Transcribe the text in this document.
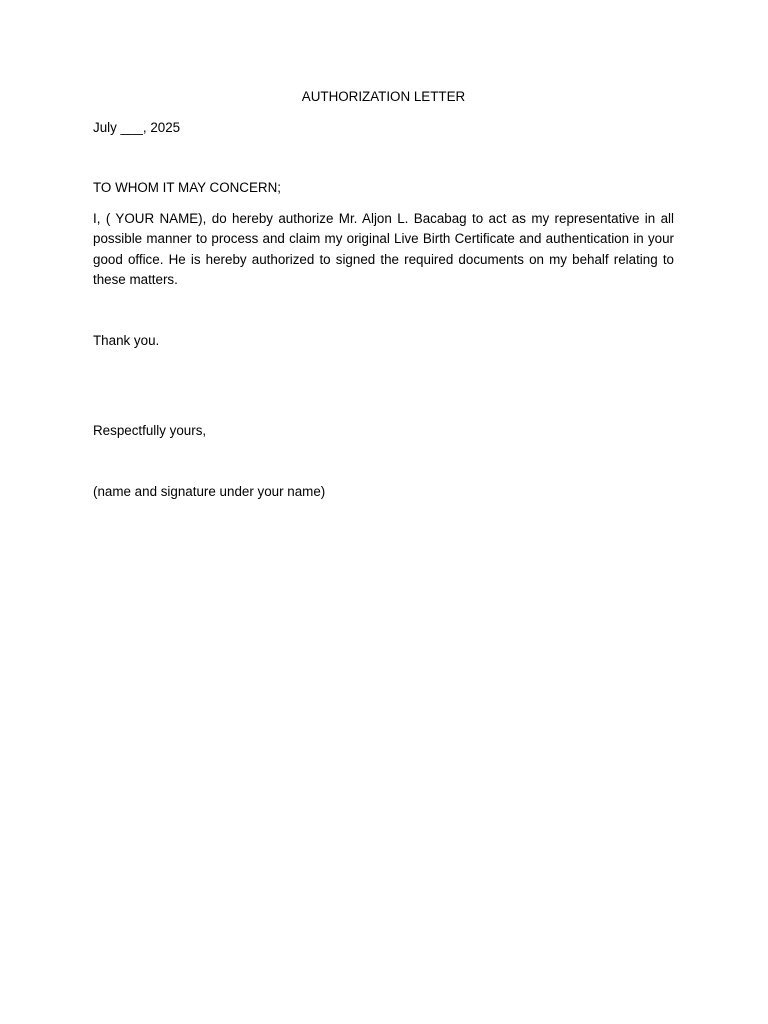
AUTHORIZATION LETTER

July ___, 2025

TO WHOM IT MAY CONCERN;

I, ( YOUR NAME), do hereby authorize Mr. Aljon L. Bacabag to act as my representative in all possible manner to process and claim my original Live Birth Certificate and authentication in your good office. He is hereby authorized to signed the required documents on my behalf relating to these matters.

Thank you.

Respectfully yours,

(name and signature under your name)
